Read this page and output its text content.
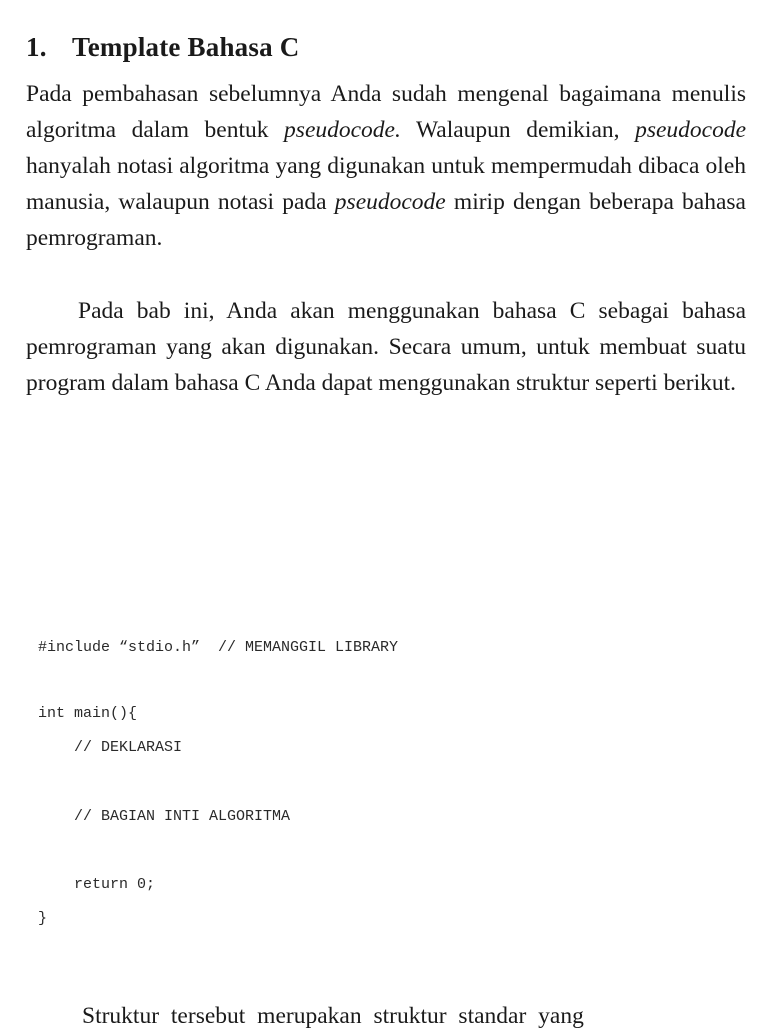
1. Template Bahasa C

Pada pembahasan sebelumnya Anda sudah mengenal bagaimana menulis algoritma dalam bentuk pseudocode. Walaupun demikian, pseudocode hanyalah notasi algoritma yang digunakan untuk mempermudah dibaca oleh manusia, walaupun notasi pada pseudocode mirip dengan beberapa bahasa pemrograman.

Pada bab ini, Anda akan menggunakan bahasa C sebagai bahasa pemrograman yang akan digunakan. Secara umum, untuk membuat suatu program dalam bahasa C Anda dapat menggunakan struktur seperti berikut.

#include “stdio.h”  // MEMANGGIL LIBRARY
int main(){
// DEKLARASI
// BAGIAN INTI ALGORITMA
return 0;
}

Struktur tersebut merupakan struktur standar yang
